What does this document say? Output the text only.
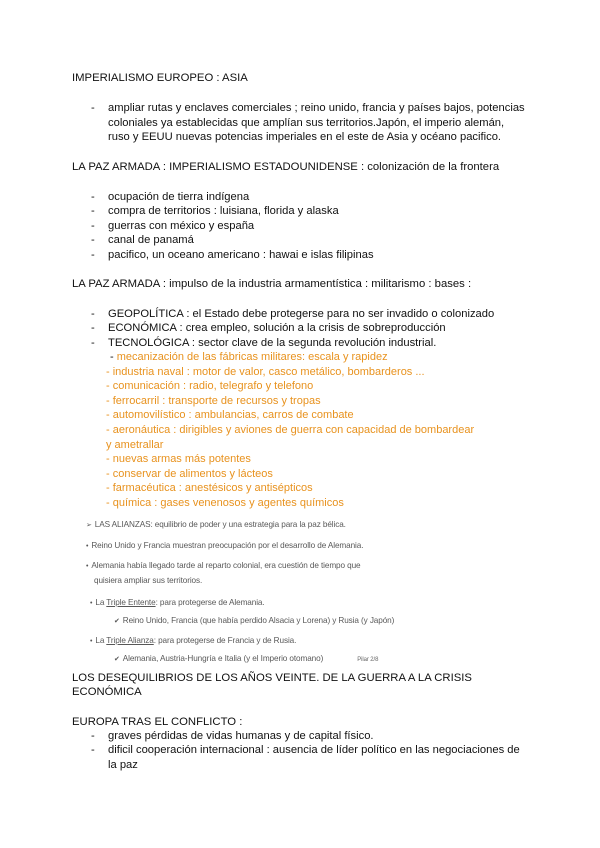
IMPERIALISMO EUROPEO : ASIA
- ampliar rutas y enclaves comerciales ; reino unido, francia y países bajos, potencias coloniales ya establecidas que amplían sus territorios.Japón, el imperio alemán, ruso y EEUU nuevas potencias imperiales en el este de Asia y océano pacifico.
LA PAZ ARMADA : IMPERIALISMO ESTADOUNIDENSE : colonización de la frontera
- ocupación de tierra indígena
- compra de territorios : luisiana, florida y alaska
- guerras con méxico y españa
- canal de panamá
- pacifico, un oceano americano : hawai e islas filipinas
LA PAZ ARMADA : impulso de la industria armamentística : militarismo : bases :
- GEOPOLÍTICA : el Estado debe protegerse para no ser invadido o colonizado
- ECONÓMICA : crea empleo, solución a la crisis de sobreproducción
- TECNOLÓGICA : sector clave de la segunda revolución industrial.
- mecanización de las fábricas militares: escala y rapidez
- industria naval : motor de valor, casco metálico, bombarderos ...
- comunicación : radio, telegrafo y telefono
- ferrocarril : transporte de recursos y tropas
- automovilístico : ambulancias, carros de combate
- aeronáutica : dirigibles y aviones de guerra con capacidad de bombardear y ametrallar
- nuevas armas más potentes
- conservar de alimentos y lácteos
- farmacéutica : anestésicos y antisépticos
- química : gases venenosos y agentes químicos
➢ LAS ALIANZAS: equilibrio de poder y una estrategia para la paz bélica.
• Reino Unido y Francia muestran preocupación por el desarrollo de Alemania.
• Alemania había llegado tarde al reparto colonial, era cuestión de tiempo que
quisiera ampliar sus territorios.
• La Triple Entente: para protegerse de Alemania.
✔ Reino Unido, Francia (que había perdido Alsacia y Lorena) y Rusia (y Japón)
• La Triple Alianza: para protegerse de Francia y de Rusia.
✔ Alemania, Austria-Hungría e Italia (y el Imperio otomano)	Pilar 2/8
LOS DESEQUILIBRIOS DE LOS AÑOS VEINTE. DE LA GUERRA A LA CRISIS ECONÓMICA
EUROPA TRAS EL CONFLICTO :
- graves pérdidas de vidas humanas y de capital físico.
- dificil cooperación internacional : ausencia de líder político en las negociaciones de la paz
